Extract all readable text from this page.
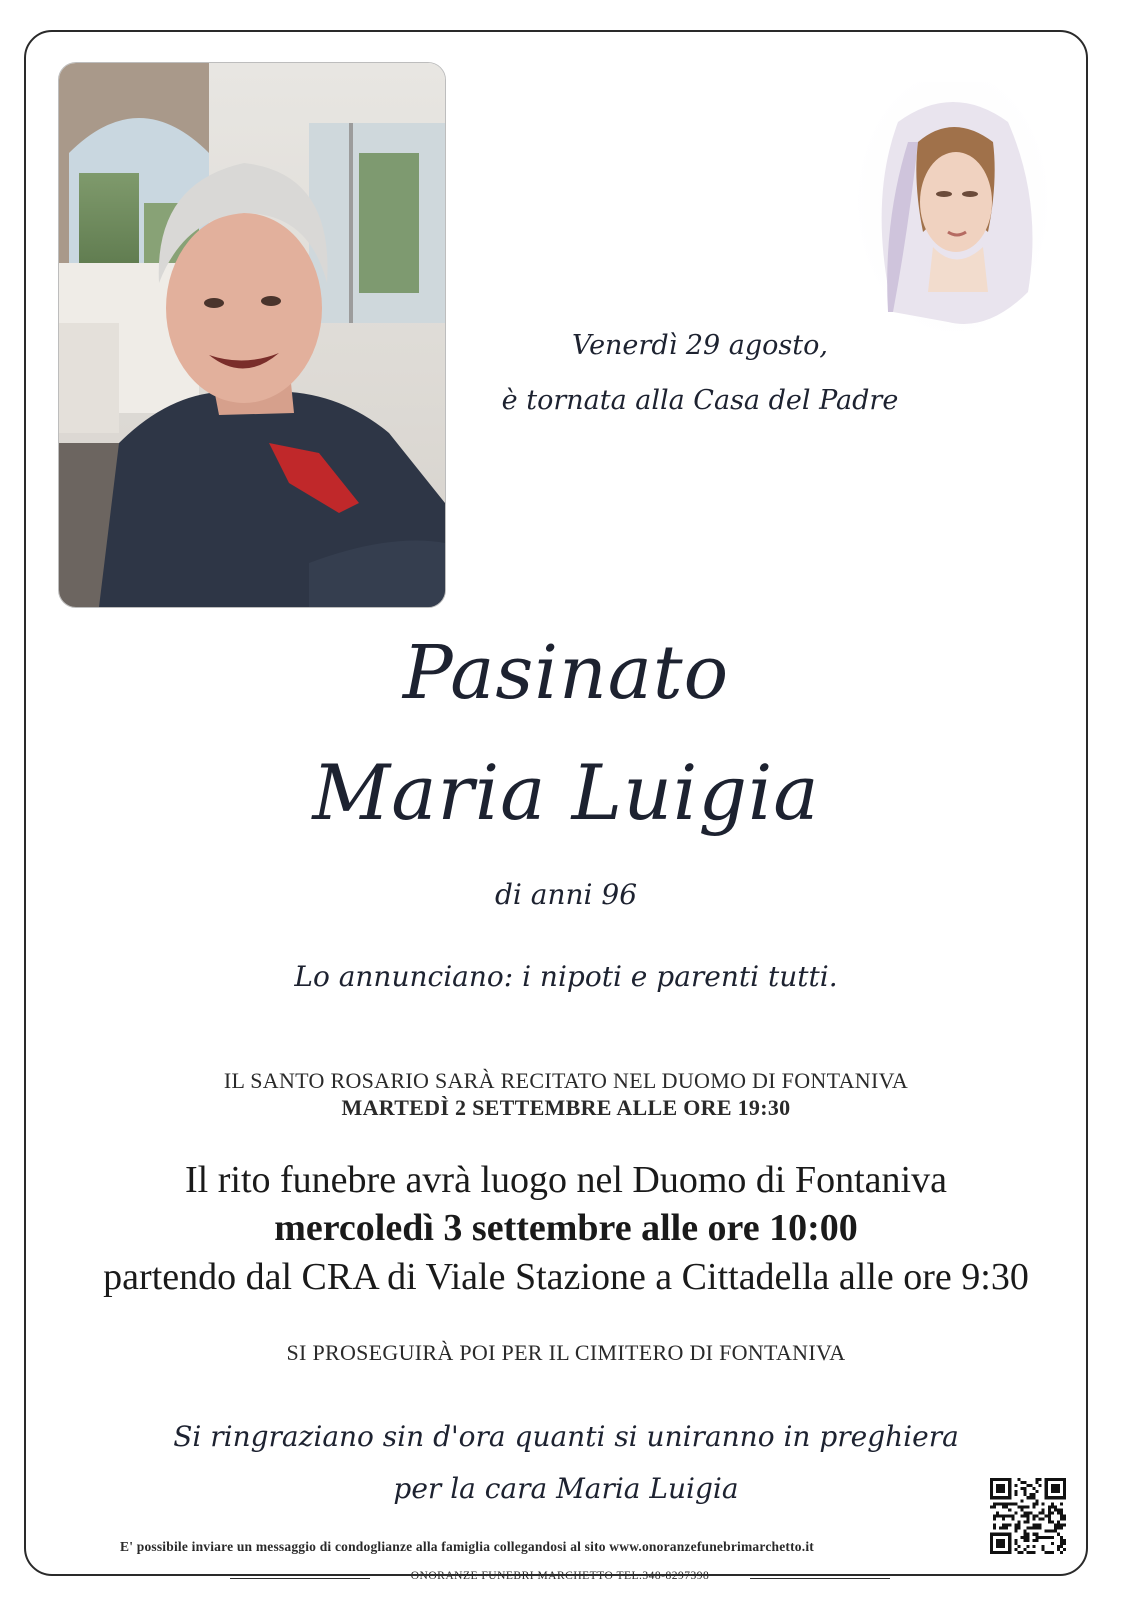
Venerdì 29 agosto,
è tornata alla Casa del Padre
Pasinato
Maria Luigia
di anni 96
Lo annunciano: i nipoti e parenti tutti.
IL SANTO ROSARIO SARÀ RECITATO NEL DUOMO DI FONTANIVA
MARTEDÌ 2 SETTEMBRE ALLE ORE 19:30
Il rito funebre avrà luogo nel Duomo di Fontaniva
mercoledì 3 settembre alle ore 10:00
partendo dal CRA di Viale Stazione a Cittadella alle ore 9:30
SI PROSEGUIRÀ POI PER IL CIMITERO DI FONTANIVA
Si ringraziano sin d'ora quanti si uniranno in preghiera
per la cara Maria Luigia
E' possibile inviare un messaggio di condoglianze alla famiglia collegandosi al sito www.onoranzefunebrimarchetto.it
ONORANZE FUNEBRI MARCHETTO TEL.348-8297398
